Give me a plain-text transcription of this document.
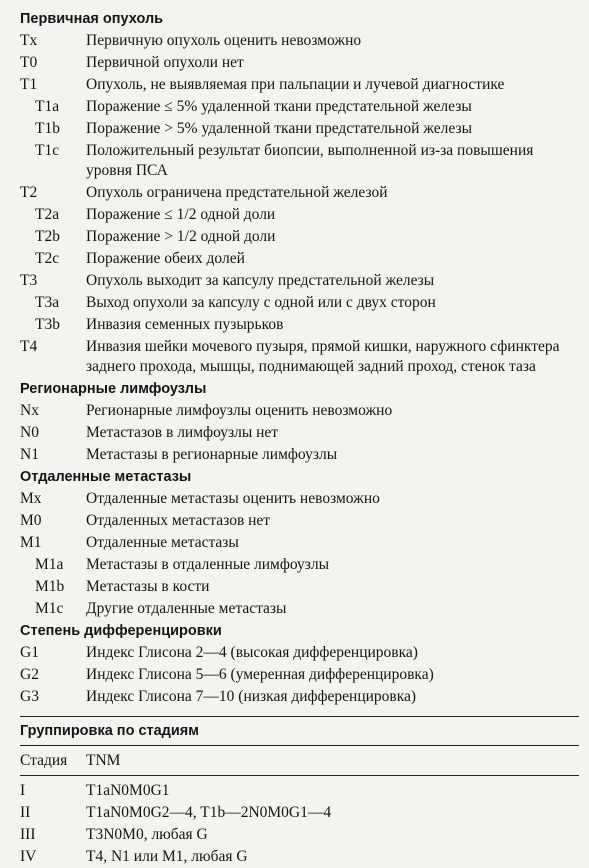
Первичная опухоль
Tx	Первичную опухоль оценить невозможно
T0	Первичной опухоли нет
T1	Опухоль, не выявляемая при пальпации и лучевой диагностике
T1a	Поражение ≤ 5% удаленной ткани предстательной железы
T1b	Поражение > 5% удаленной ткани предстательной железы
T1c	Положительный результат биопсии, выполненной из-за повышения уровня ПСА
T2	Опухоль ограничена предстательной железой
T2a	Поражение ≤ 1/2 одной доли
T2b	Поражение > 1/2 одной доли
T2c	Поражение обеих долей
T3	Опухоль выходит за капсулу предстательной железы
T3a	Выход опухоли за капсулу с одной или с двух сторон
T3b	Инвазия семенных пузырьков
T4	Инвазия шейки мочевого пузыря, прямой кишки, наружного сфинктера заднего прохода, мышцы, поднимающей задний проход, стенок таза
Регионарные лимфоузлы
Nx	Регионарные лимфоузлы оценить невозможно
N0	Метастазов в лимфоузлы нет
N1	Метастазы в регионарные лимфоузлы
Отдаленные метастазы
Mx	Отдаленные метастазы оценить невозможно
M0	Отдаленных метастазов нет
M1	Отдаленные метастазы
M1a	Метастазы в отдаленные лимфоузлы
M1b	Метастазы в кости
M1c	Другие отдаленные метастазы
Степень дифференцировки
G1	Индекс Глисона 2—4 (высокая дифференцировка)
G2	Индекс Глисона 5—6 (умеренная дифференцировка)
G3	Индекс Глисона 7—10 (низкая дифференцировка)
Группировка по стадиям
Стадия	TNM
I	T1aN0M0G1
II	T1aN0M0G2—4, T1b—2N0M0G1—4
III	T3N0M0, любая G
IV	T4, N1 или M1, любая G
